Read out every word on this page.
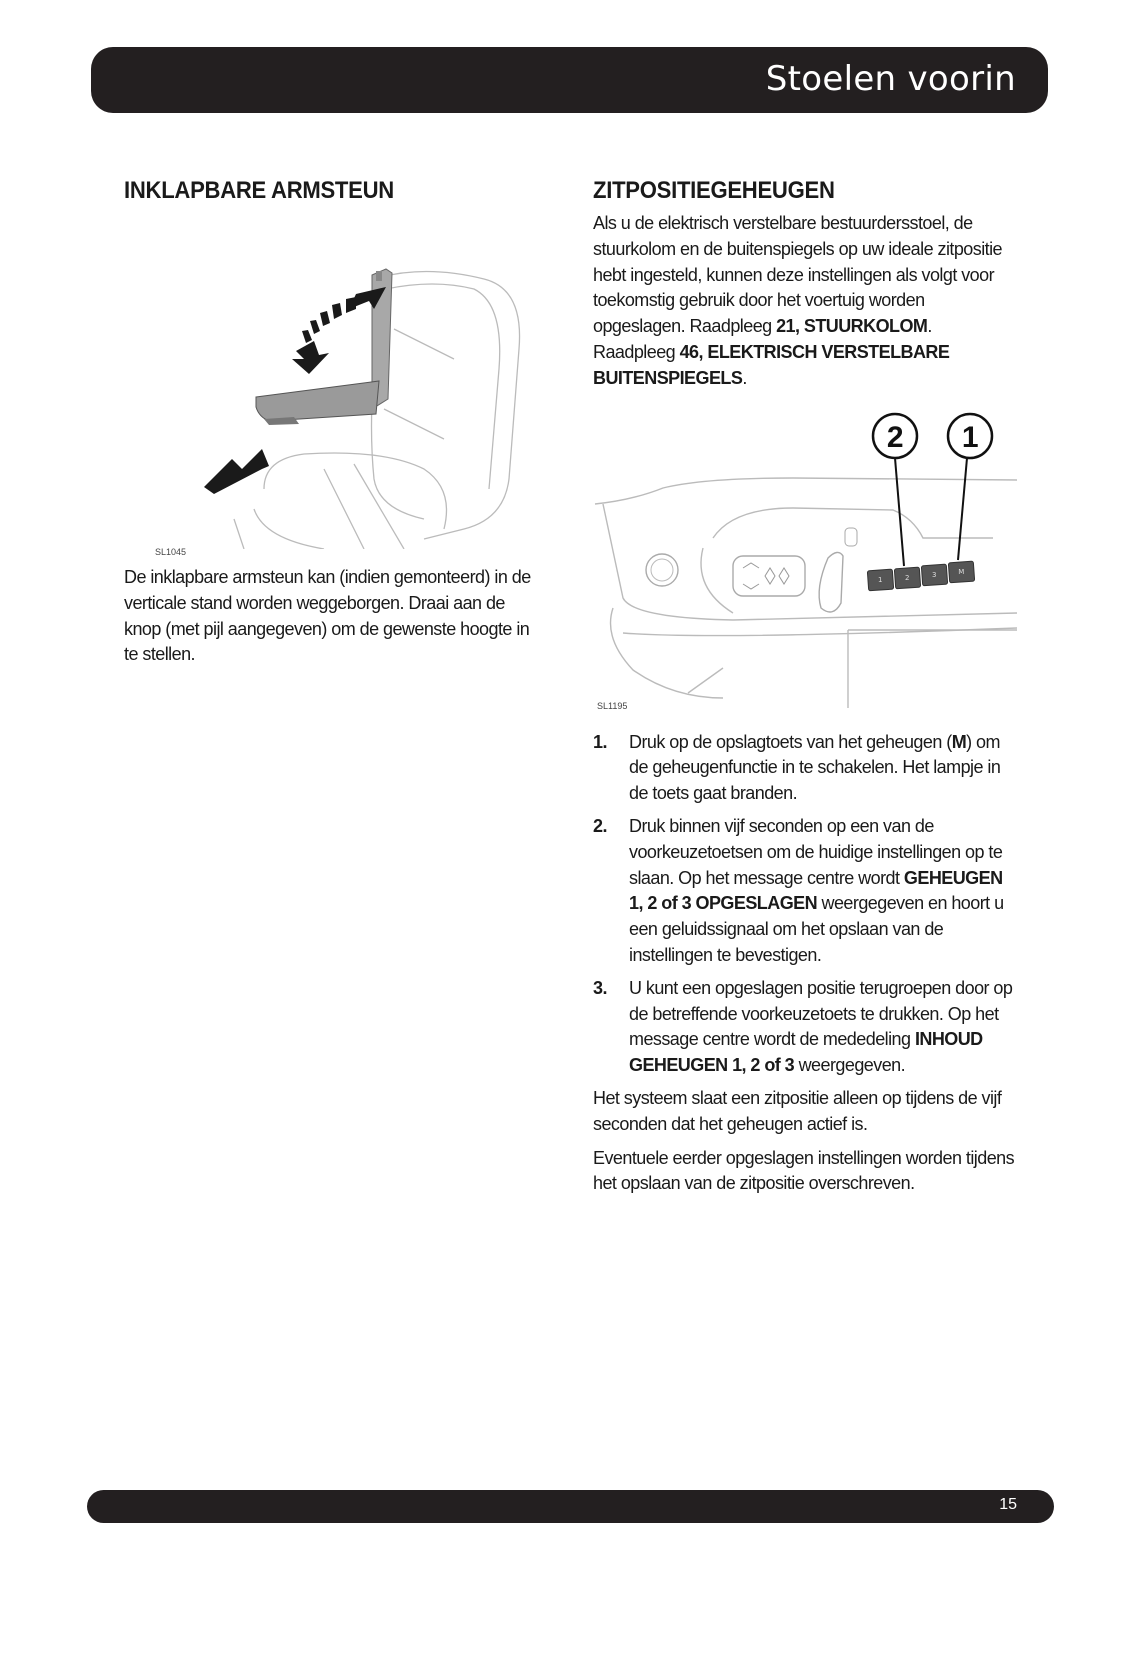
Stoelen voorin
INKLAPBARE ARMSTEUN
SL1045

De inklapbare armsteun kan (indien gemonteerd) in de verticale stand worden weggeborgen. Draai aan de knop (met pijl aangegeven) om de gewenste hoogte in te stellen.

ZITPOSITIEGEHEUGEN

Als u de elektrisch verstelbare bestuurdersstoel, de stuurkolom en de buitenspiegels op uw ideale zitpositie hebt ingesteld, kunnen deze instellingen als volgt voor toekomstig gebruik door het voertuig worden opgeslagen. Raadpleeg 21, STUURKOLOM. Raadpleeg 46, ELEKTRISCH VERSTELBARE BUITENSPIEGELS.

1	2	3	M
2 1
SL1195
1. Druk op de opslagtoets van het geheugen (M) om de geheugenfunctie in te schakelen. Het lampje in de toets gaat branden.
2. Druk binnen vijf seconden op een van de voorkeuzetoetsen om de huidige instellingen op te slaan. Op het message centre wordt GEHEUGEN 1, 2 of 3 OPGESLAGEN weergegeven en hoort u een geluidssignaal om het opslaan van de instellingen te bevestigen.
3. U kunt een opgeslagen positie terugroepen door op de betreffende voorkeuzetoets te drukken. Op het message centre wordt de mededeling INHOUD GEHEUGEN 1, 2 of 3 weergegeven.

Het systeem slaat een zitpositie alleen op tijdens de vijf seconden dat het geheugen actief is.

Eventuele eerder opgeslagen instellingen worden tijdens het opslaan van de zitpositie overschreven.

15
